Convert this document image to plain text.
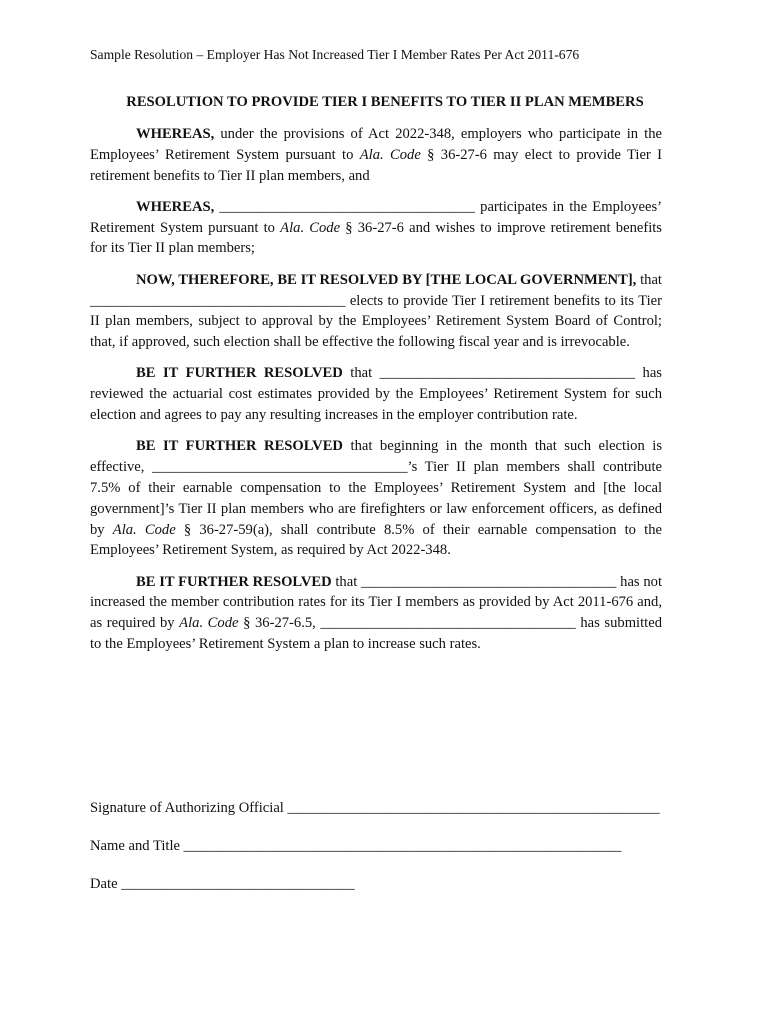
Sample Resolution – Employer Has Not Increased Tier I Member Rates Per Act 2011-676
RESOLUTION TO PROVIDE TIER I BENEFITS TO TIER II PLAN MEMBERS

WHEREAS, under the provisions of Act 2022-348, employers who participate in the Employees’ Retirement System pursuant to Ala. Code § 36-27-6 may elect to provide Tier I retirement benefits to Tier II plan members, and

WHEREAS, ___________________________________ participates in the Employees’ Retirement System pursuant to Ala. Code § 36-27-6 and wishes to improve retirement benefits for its Tier II plan members;

NOW, THEREFORE, BE IT RESOLVED BY [THE LOCAL GOVERNMENT], that ___________________________________ elects to provide Tier I retirement benefits to its Tier II plan members, subject to approval by the Employees’ Retirement System Board of Control; that, if approved, such election shall be effective the following fiscal year and is irrevocable.

BE IT FURTHER RESOLVED that ___________________________________ has reviewed the actuarial cost estimates provided by the Employees’ Retirement System for such election and agrees to pay any resulting increases in the employer contribution rate.

BE IT FURTHER RESOLVED that beginning in the month that such election is effective, ___________________________________’s Tier II plan members shall contribute 7.5% of their earnable compensation to the Employees’ Retirement System and [the local government]’s Tier II plan members who are firefighters or law enforcement officers, as defined by Ala. Code § 36-27-59(a), shall contribute 8.5% of their earnable compensation to the Employees’ Retirement System, as required by Act 2022-348.

BE IT FURTHER RESOLVED that ___________________________________ has not increased the member contribution rates for its Tier I members as provided by Act 2011-676 and, as required by Ala. Code § 36-27-6.5, ___________________________________ has submitted to the Employees’ Retirement System a plan to increase such rates.

Signature of Authorizing Official ___________________________________________________
Name and Title ____________________________________________________________
Date ________________________________
